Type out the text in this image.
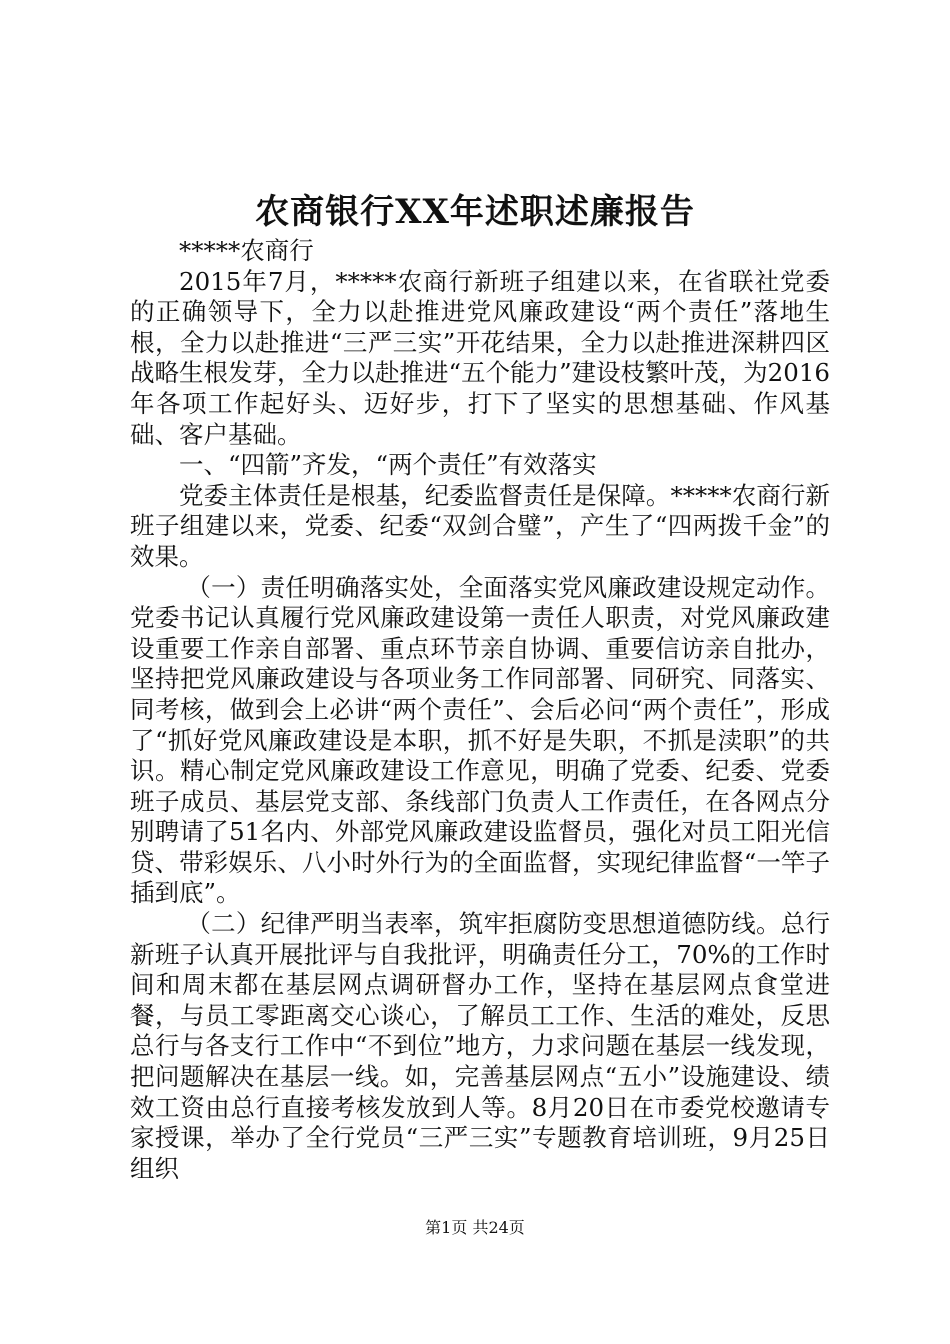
农商银行XX年述职述廉报告

*****农商行

2015年7月，*****农商行新班子组建以来，在省联社党委的正确领导下，全力以赴推进党风廉政建设“两个责任”落地生根，全力以赴推进“三严三实”开花结果，全力以赴推进深耕四区战略生根发芽，全力以赴推进“五个能力”建设枝繁叶茂，为2016年各项工作起好头、迈好步，打下了坚实的思想基础、作风基础、客户基础。

一、“四箭”齐发，“两个责任”有效落实

党委主体责任是根基，纪委监督责任是保障。*****农商行新班子组建以来，党委、纪委“双剑合璧”，产生了“四两拨千金”的效果。

（一）责任明确落实处，全面落实党风廉政建设规定动作。党委书记认真履行党风廉政建设第一责任人职责，对党风廉政建设重要工作亲自部署、重点环节亲自协调、重要信访亲自批办，坚持把党风廉政建设与各项业务工作同部署、同研究、同落实、同考核，做到会上必讲“两个责任”、会后必问“两个责任”，形成了“抓好党风廉政建设是本职，抓不好是失职，不抓是渎职”的共识。精心制定党风廉政建设工作意见，明确了党委、纪委、党委班子成员、基层党支部、条线部门负责人工作责任，在各网点分别聘请了51名内、外部党风廉政建设监督员，强化对员工阳光信贷、带彩娱乐、八小时外行为的全面监督，实现纪律监督“一竿子插到底”。

（二）纪律严明当表率，筑牢拒腐防变思想道德防线。总行新班子认真开展批评与自我批评，明确责任分工，70%的工作时间和周末都在基层网点调研督办工作，坚持在基层网点食堂进餐，与员工零距离交心谈心，了解员工工作、生活的难处，反思总行与各支行工作中“不到位”地方，力求问题在基层一线发现，把问题解决在基层一线。如，完善基层网点“五小”设施建设、绩效工资由总行直接考核发放到人等。8月20日在市委党校邀请专家授课，举办了全行党员“三严三实”专题教育培训班，9月25日组织

第1页 共24页
